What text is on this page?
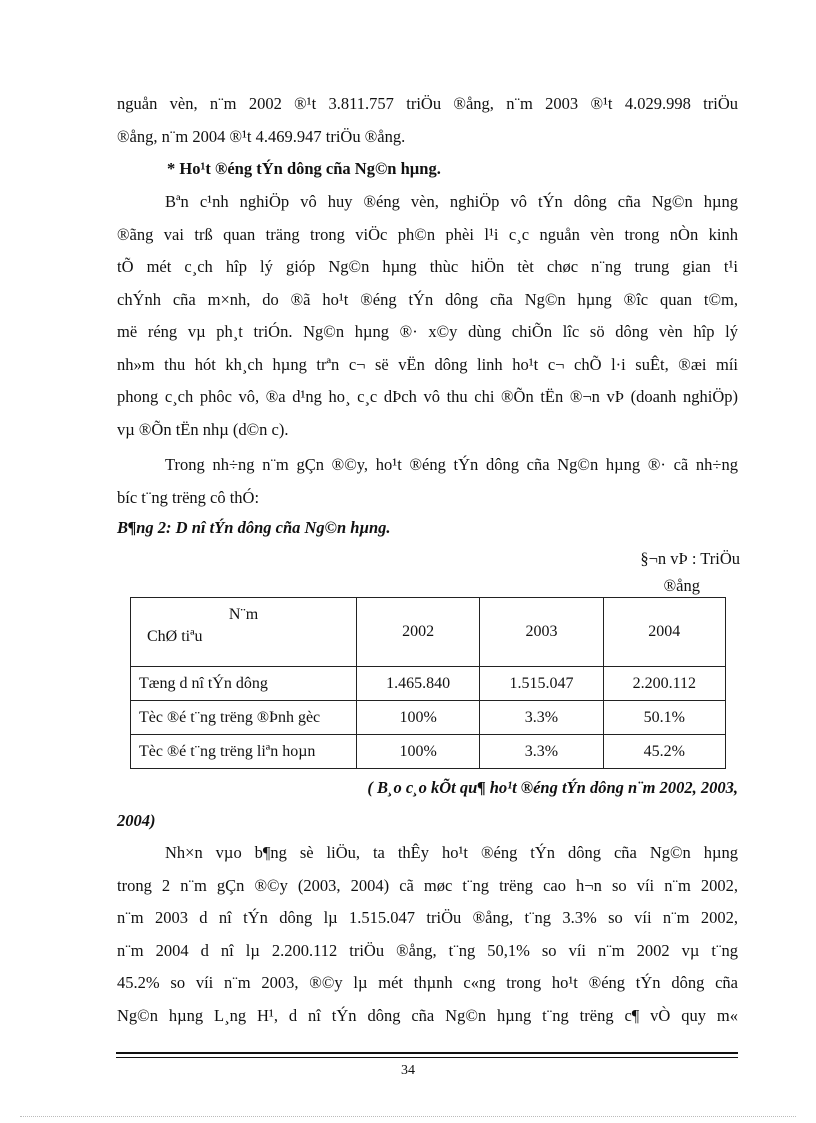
nguån vèn, n¨m 2002 ®¹t 3.811.757 triÖu ®ång, n¨m 2003 ®¹t 4.029.998 triÖu
®ång, n¨m 2004 ®¹t 4.469.947 triÖu ®ång.
* Ho¹t ®éng tÝn dông cña Ng©n hµng.
Bªn c¹nh nghiÖp vô huy ®éng vèn, nghiÖp vô tÝn dông cña Ng©n hµng
®ãng vai trß quan träng trong viÖc ph©n phèi l¹i c¸c nguån vèn trong nÒn kinh
tÕ mét c¸ch hîp lý gióp Ng©n hµng thùc hiÖn tèt chøc n¨ng trung gian t¹i
chÝnh cña m×nh, do ®ã ho¹t ®éng tÝn dông cña Ng©n hµng ®îc quan t©m,
më réng vµ ph¸t triÓn. Ng©n hµng ®· x©y dùng chiÕn lîc sö dông vèn hîp lý
nh»m thu hót kh¸ch hµng trªn c¬ së vËn dông linh ho¹t c¬ chÕ l·i suÊt, ®æi míi
phong c¸ch phôc vô, ®a d¹ng ho¸ c¸c dÞch vô thu chi ®Õn tËn ®¬n vÞ (doanh nghiÖp)
vµ ®Õn tËn nhµ (d©n c).
Trong nh÷ng n¨m gÇn ®©y, ho¹t ®éng tÝn dông cña Ng©n hµng ®· cã nh÷ng
bíc t¨ng trëng cô thÓ:
B¶ng 2: D nî tÝn dông cña Ng©n hµng.
§¬n vÞ : TriÖu
®ång
N¨m
ChØ tiªu	2002	2003	2004
Tæng d nî tÝn dông	1.465.840	1.515.047	2.200.112
Tèc ®é t¨ng trëng ®Þnh gèc	100%	3.3%	50.1%
Tèc ®é t¨ng trëng liªn hoµn	100%	3.3%	45.2%
( B¸o c¸o kÕt qu¶ ho¹t ®éng tÝn dông n¨m 2002, 2003,
2004)
Nh×n vµo b¶ng sè liÖu, ta thÊy ho¹t ®éng tÝn dông cña Ng©n hµng
trong 2 n¨m gÇn ®©y (2003, 2004) cã møc t¨ng trëng cao h¬n so víi n¨m 2002,
n¨m 2003 d nî tÝn dông lµ 1.515.047 triÖu ®ång, t¨ng 3.3% so víi n¨m 2002,
n¨m 2004 d nî lµ 2.200.112 triÖu ®ång, t¨ng 50,1% so víi n¨m 2002 vµ t¨ng
45.2% so víi n¨m 2003, ®©y lµ mét thµnh c«ng trong ho¹t ®éng tÝn dông cña
Ng©n hµng L¸ng H¹, d nî tÝn dông cña Ng©n hµng t¨ng trëng c¶ vÒ quy m«
34
